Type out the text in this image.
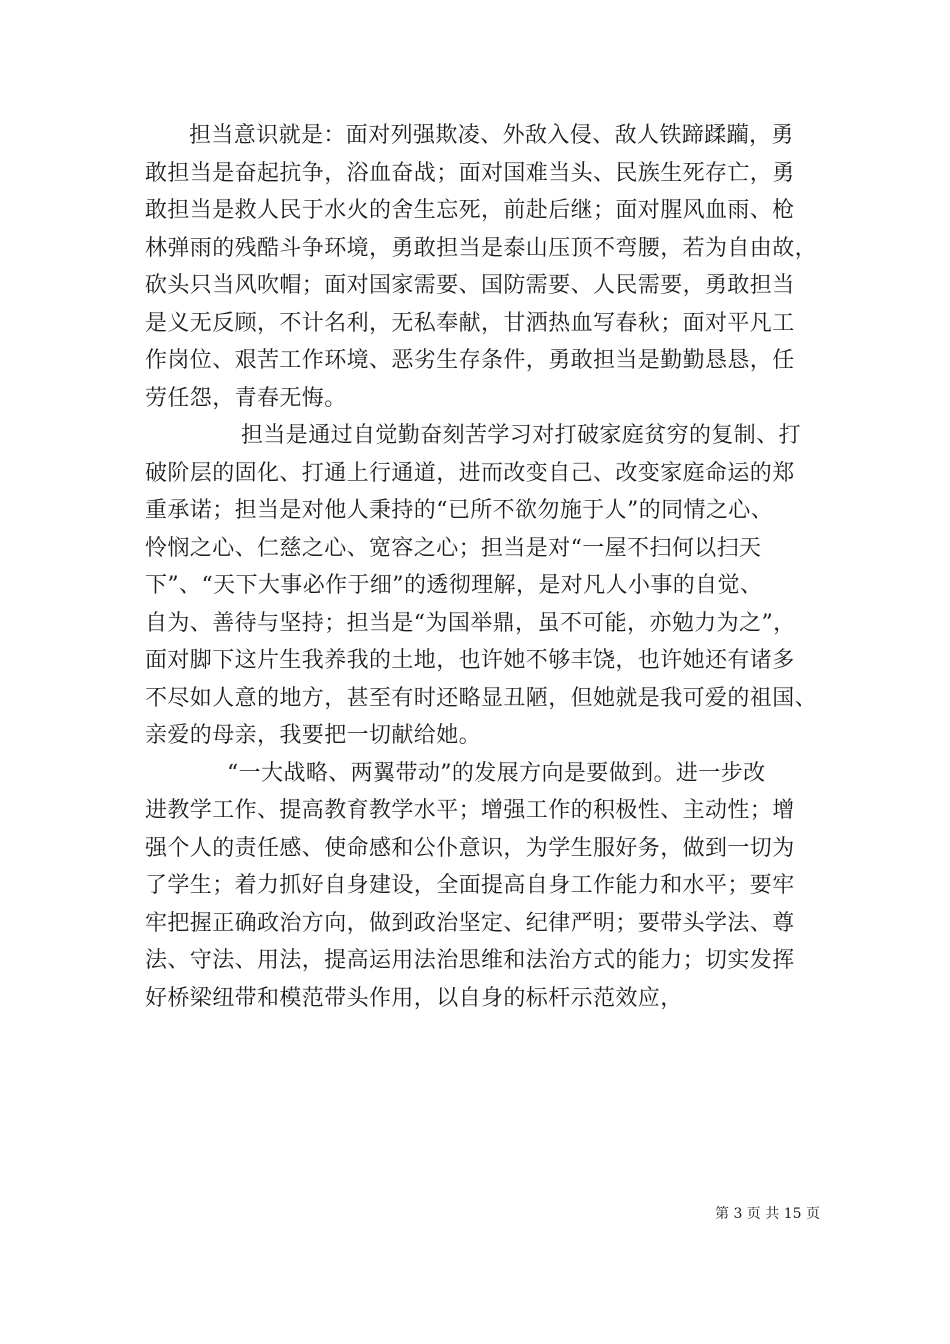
担当意识就是：面对列强欺凌、外敌入侵、敌人铁蹄蹂躏，勇
敢担当是奋起抗争，浴血奋战；面对国难当头、民族生死存亡，勇
敢担当是救人民于水火的舍生忘死，前赴后继；面对腥风血雨、枪
林弹雨的残酷斗争环境，勇敢担当是泰山压顶不弯腰，若为自由故，
砍头只当风吹帽；面对国家需要、国防需要、人民需要，勇敢担当
是义无反顾，不计名利，无私奉献，甘洒热血写春秋；面对平凡工
作岗位、艰苦工作环境、恶劣生存条件，勇敢担当是勤勤恳恳，任
劳任怨，青春无悔。

担当是通过自觉勤奋刻苦学习对打破家庭贫穷的复制、打
破阶层的固化、打通上行通道，进而改变自己、改变家庭命运的郑
重承诺；担当是对他人秉持的“已所不欲勿施于人”的同情之心、
怜悯之心、仁慈之心、宽容之心；担当是对“一屋不扫何以扫天
下”、“天下大事必作于细”的透彻理解，是对凡人小事的自觉、
自为、善待与坚持；担当是“为国举鼎，虽不可能，亦勉力为之”，
面对脚下这片生我养我的土地，也许她不够丰饶，也许她还有诸多
不尽如人意的地方，甚至有时还略显丑陋，但她就是我可爱的祖国、
亲爱的母亲，我要把一切献给她。

“一大战略、两翼带动”的发展方向是要做到。进一步改
进教学工作、提高教育教学水平；增强工作的积极性、主动性；增
强个人的责任感、使命感和公仆意识，为学生服好务，做到一切为
了学生；着力抓好自身建设，全面提高自身工作能力和水平；要牢
牢把握正确政治方向，做到政治坚定、纪律严明；要带头学法、尊
法、守法、用法，提高运用法治思维和法治方式的能力；切实发挥
好桥梁纽带和模范带头作用，以自身的标杆示范效应，

第 3 页 共 15 页
